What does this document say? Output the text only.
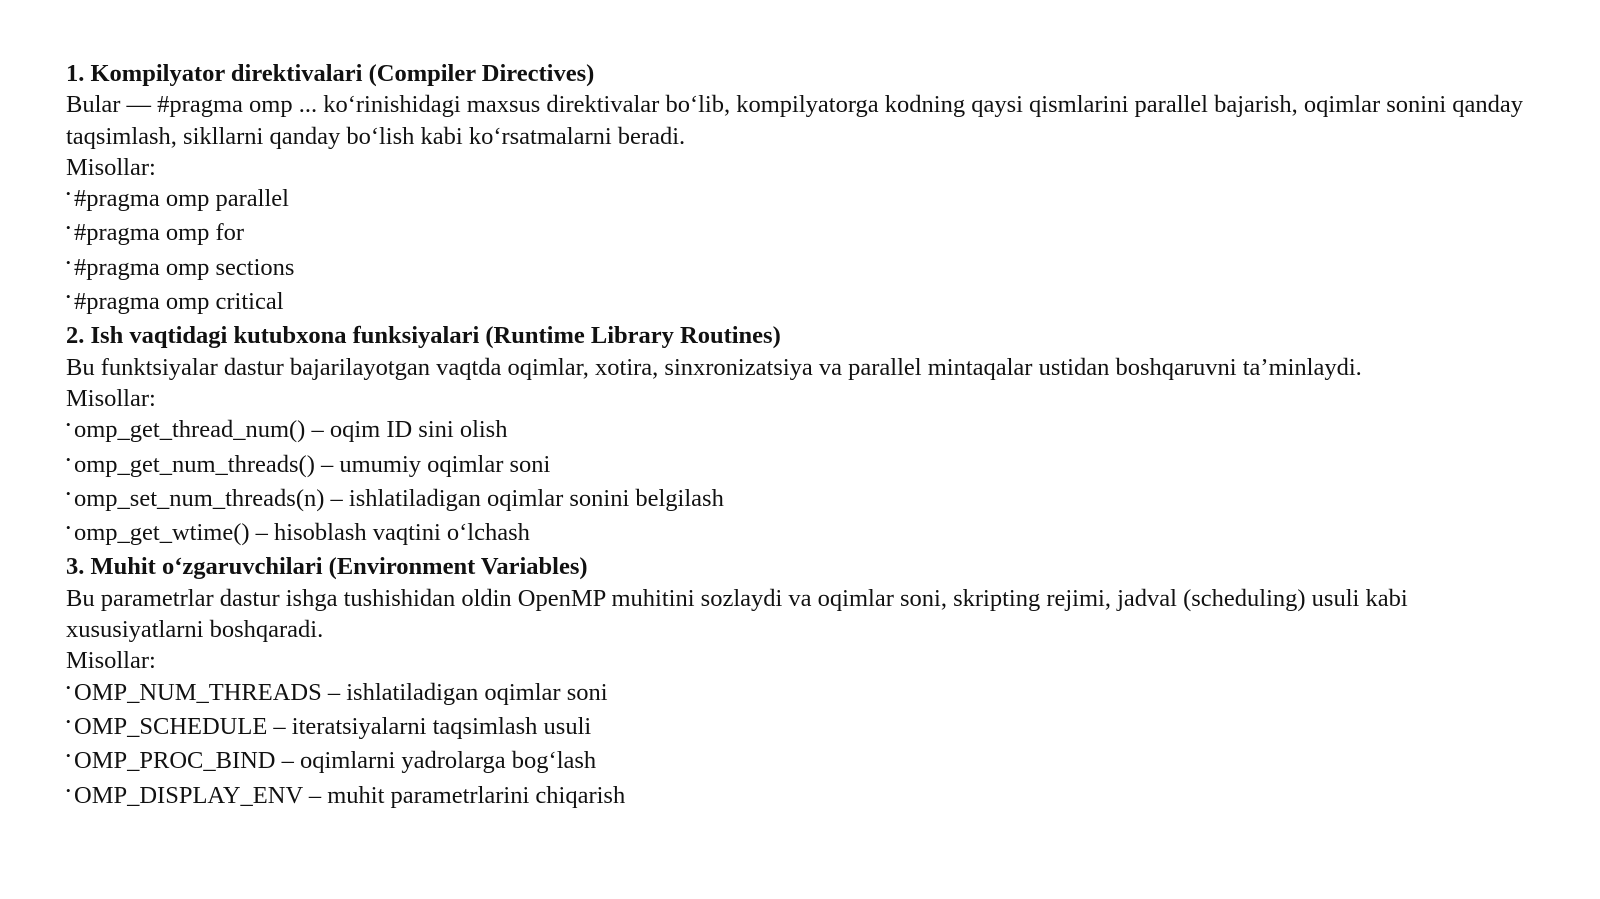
1. Kompilyator direktivalari (Compiler Directives)

Bular — #pragma omp ... ko‘rinishidagi maxsus direktivalar bo‘lib, kompilyatorga kodning qaysi qismlarini parallel bajarish, oqimlar sonini qanday taqsimlash, sikllarni qanday bo‘lish kabi ko‘rsatmalarni beradi.

Misollar:

• #pragma omp parallel
• #pragma omp for
• #pragma omp sections
• #pragma omp critical

2. Ish vaqtidagi kutubxona funksiyalari (Runtime Library Routines)

Bu funktsiyalar dastur bajarilayotgan vaqtda oqimlar, xotira, sinxronizatsiya va parallel mintaqalar ustidan boshqaruvni ta’minlaydi.

Misollar:

• omp_get_thread_num() – oqim ID sini olish
• omp_get_num_threads() – umumiy oqimlar soni
• omp_set_num_threads(n) – ishlatiladigan oqimlar sonini belgilash
• omp_get_wtime() – hisoblash vaqtini o‘lchash

3. Muhit o‘zgaruvchilari (Environment Variables)

Bu parametrlar dastur ishga tushishidan oldin OpenMP muhitini sozlaydi va oqimlar soni, skripting rejimi, jadval (scheduling) usuli kabi xususiyatlarni boshqaradi.

Misollar:

• OMP_NUM_THREADS – ishlatiladigan oqimlar soni
• OMP_SCHEDULE – iteratsiyalarni taqsimlash usuli
• OMP_PROC_BIND – oqimlarni yadrolarga bog‘lash
• OMP_DISPLAY_ENV – muhit parametrlarini chiqarish
